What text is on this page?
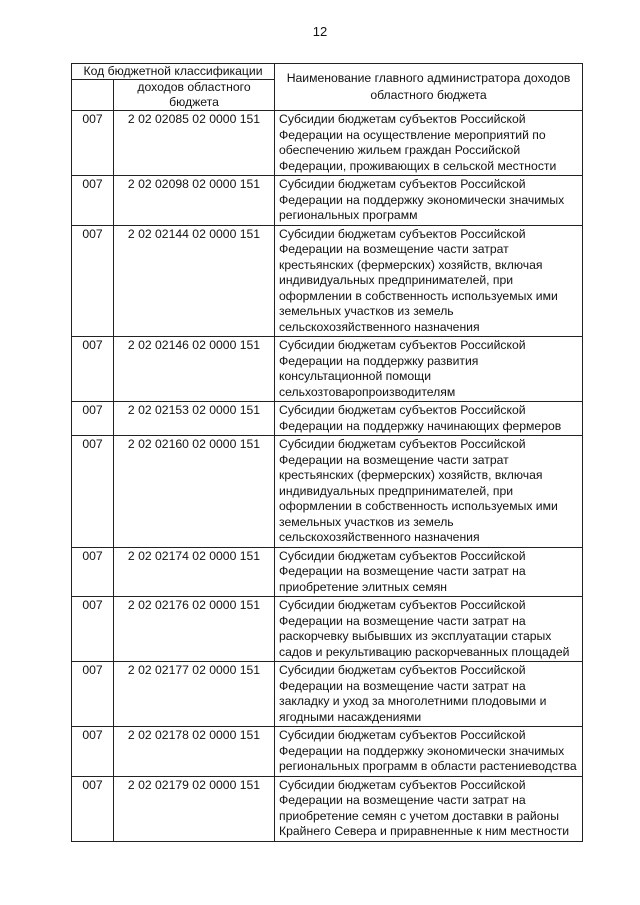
12
Код бюджетной классификации		Наименование главного администратора доходов областного бюджета
	доходов областного бюджета	
007	2 02 02085 02 0000 151	Субсидии бюджетам субъектов Российской Федерации на осуществление мероприятий по обеспечению жильем граждан Российской Федерации, проживающих в сельской местности
007	2 02 02098 02 0000 151	Субсидии бюджетам субъектов Российской Федерации на поддержку экономически значимых региональных программ
007	2 02 02144 02 0000 151	Субсидии бюджетам субъектов Российской Федерации на возмещение части затрат крестьянских (фермерских) хозяйств, включая индивидуальных предпринимателей, при оформлении в собственность используемых ими земельных участков из земель сельскохозяйственного назначения
007	2 02 02146 02 0000 151	Субсидии бюджетам субъектов Российской Федерации на поддержку развития консультационной помощи сельхозтоваропроизводителям
007	2 02 02153 02 0000 151	Субсидии бюджетам субъектов Российской Федерации на поддержку начинающих фермеров
007	2 02 02160 02 0000 151	Субсидии бюджетам субъектов Российской Федерации на возмещение части затрат крестьянских (фермерских) хозяйств, включая индивидуальных предпринимателей, при оформлении в собственность используемых ими земельных участков из земель сельскохозяйственного назначения
007	2 02 02174 02 0000 151	Субсидии бюджетам субъектов Российской Федерации на возмещение части затрат на приобретение элитных семян
007	2 02 02176 02 0000 151	Субсидии бюджетам субъектов Российской Федерации на возмещение части затрат на раскорчевку выбывших из эксплуатации старых садов и рекультивацию раскорчеванных площадей
007	2 02 02177 02 0000 151	Субсидии бюджетам субъектов Российской Федерации на возмещение части затрат на закладку и уход за многолетними плодовыми и ягодными насаждениями
007	2 02 02178 02 0000 151	Субсидии бюджетам субъектов Российской Федерации на поддержку экономически значимых региональных программ в области растениеводства
007	2 02 02179 02 0000 151	Субсидии бюджетам субъектов Российской Федерации на возмещение части затрат на приобретение семян с учетом доставки в районы Крайнего Севера и приравненные к ним местности
